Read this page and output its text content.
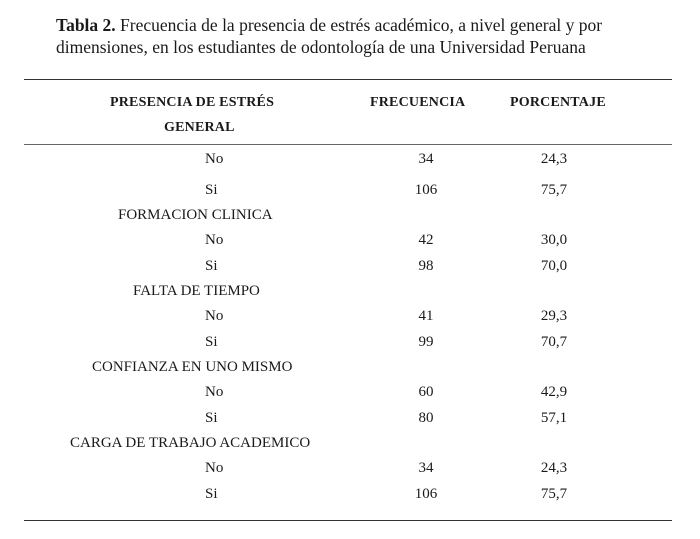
Tabla 2. Frecuencia de la presencia de estrés académico, a nivel general y por dimensiones, en los estudiantes de odontología de una Universidad Peruana
PRESENCIA DE ESTRÉS
GENERAL
FRECUENCIA	PORCENTAJE
No	34	24,3
Si	106	75,7
FORMACION CLINICA
No	42	30,0
Si	98	70,0
FALTA DE TIEMPO
No	41	29,3
Si	99	70,7
CONFIANZA EN UNO MISMO
No	60	42,9
Si	80	57,1
CARGA DE TRABAJO ACADEMICO
No	34	24,3
Si	106	75,7
